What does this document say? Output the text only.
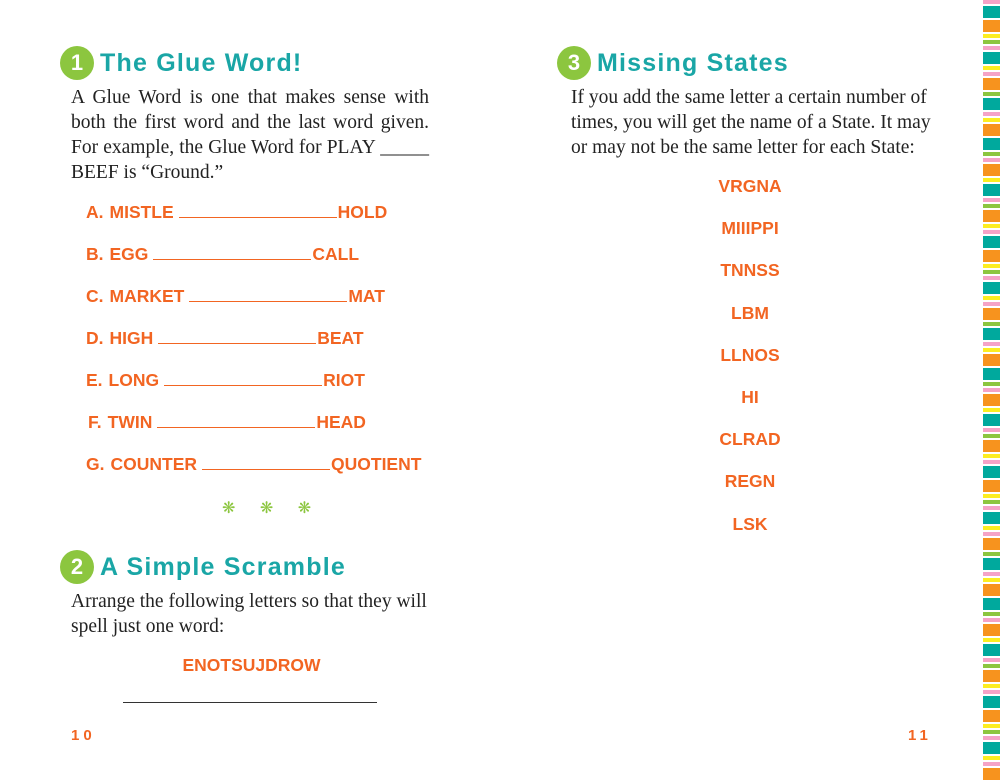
1 The Glue Word!
A Glue Word is one that makes sense with both the first word and the last word given. For example, the Glue Word for PLAY _____ BEEF is “Ground.”
A. MISTLE	HOLD
B. EGG	CALL
C. MARKET	MAT
D. HIGH	BEAT
E. LONG	RIOT
F. TWIN	HEAD
G. COUNTER	QUOTIENT
❋ ❋ ❋
2 A Simple Scramble
Arrange the following letters so that they will spell just one word:
ENOTSUJDROW
10
3 Missing States
If you add the same letter a certain number of times, you will get the name of a State. It may or may not be the same letter for each State:
VRGNA
MIIIPPI
TNNSS
LBM
LLNOS
HI
CLRAD
REGN
LSK
11
